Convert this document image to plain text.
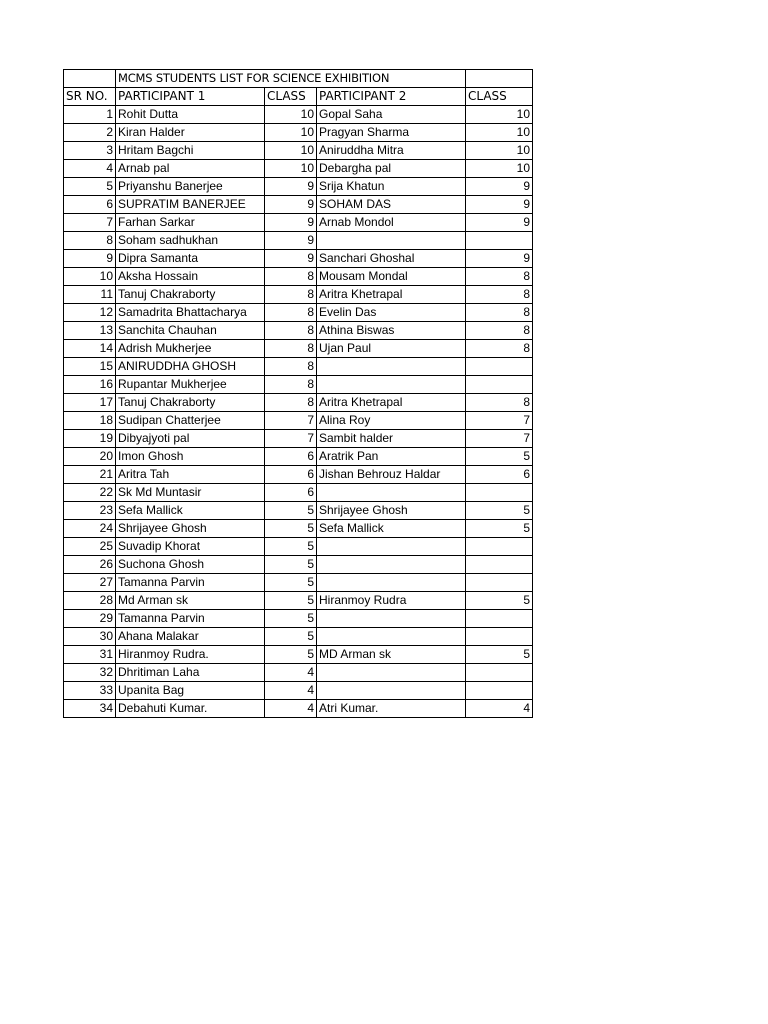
	MCMS STUDENTS LIST FOR SCIENCE EXHIBITION			
SR NO.	PARTICIPANT 1	CLASS	PARTICIPANT 2	CLASS
1	Rohit Dutta	10	Gopal Saha	10
2	Kiran Halder	10	Pragyan Sharma	10
3	Hritam Bagchi	10	Aniruddha Mitra	10
4	Arnab pal	10	Debargha pal	10
5	Priyanshu Banerjee	9	Srija Khatun	9
6	SUPRATIM BANERJEE	9	SOHAM DAS	9
7	Farhan Sarkar	9	Arnab Mondol	9
8	Soham sadhukhan	9		
9	Dipra Samanta	9	Sanchari Ghoshal	9
10	Aksha Hossain	8	Mousam Mondal	8
11	Tanuj Chakraborty	8	Aritra Khetrapal	8
12	Samadrita Bhattacharya	8	Evelin Das	8
13	Sanchita Chauhan	8	Athina Biswas	8
14	Adrish Mukherjee	8	Ujan Paul	8
15	ANIRUDDHA GHOSH	8		
16	Rupantar Mukherjee	8		
17	Tanuj Chakraborty	8	Aritra Khetrapal	8
18	Sudipan Chatterjee	7	Alina Roy	7
19	Dibyajyoti pal	7	Sambit halder	7
20	Imon Ghosh	6	Aratrik Pan	5
21	Aritra Tah	6	Jishan Behrouz Haldar	6
22	Sk Md Muntasir	6		
23	Sefa Mallick	5	Shrijayee Ghosh	5
24	Shrijayee Ghosh	5	Sefa Mallick	5
25	Suvadip Khorat	5		
26	Suchona Ghosh	5		
27	Tamanna Parvin	5		
28	Md Arman sk	5	Hiranmoy Rudra	5
29	Tamanna Parvin	5		
30	Ahana Malakar	5		
31	Hiranmoy Rudra.	5	MD Arman sk	5
32	Dhritiman Laha	4		
33	Upanita Bag	4		
34	Debahuti Kumar.	4	Atri Kumar.	4
